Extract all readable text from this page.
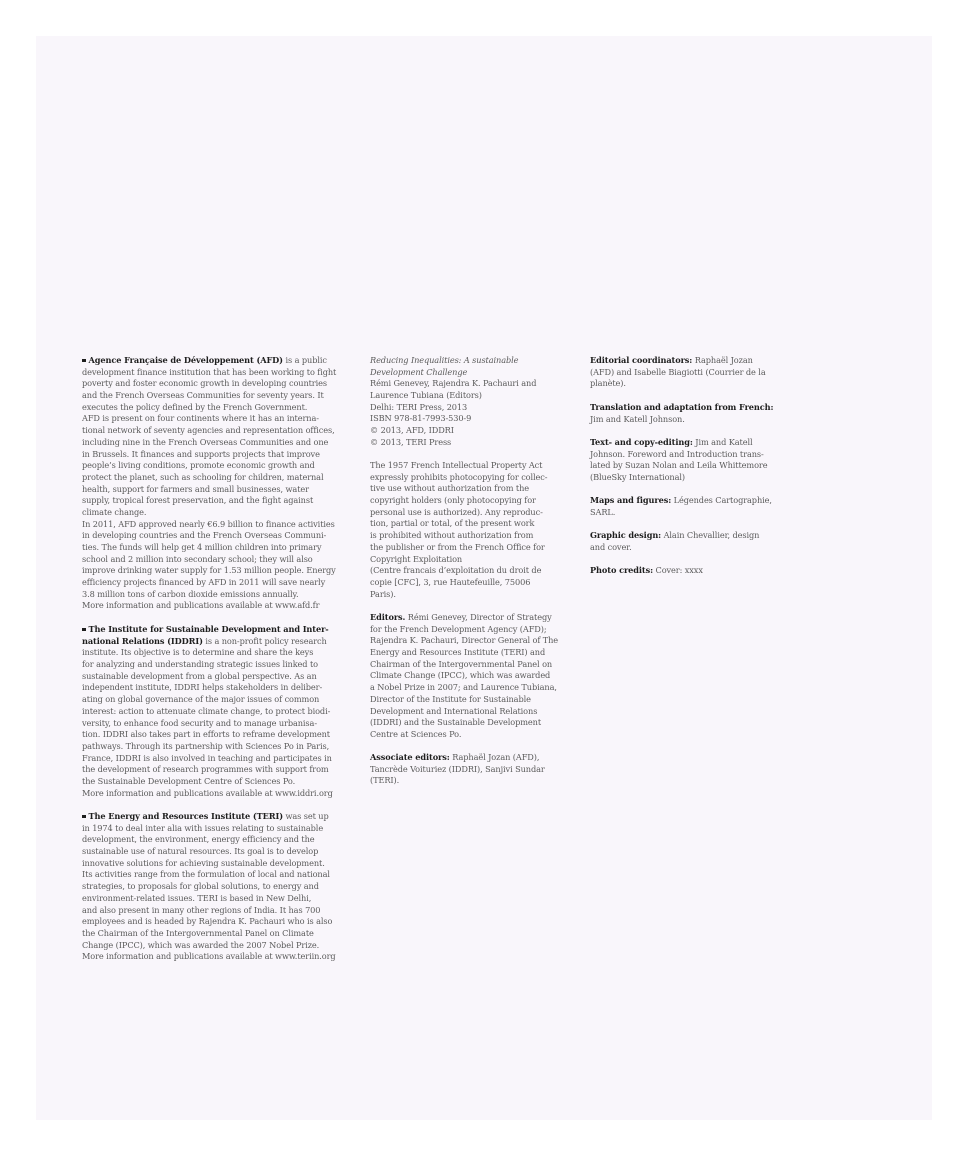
Agence Française de Développement (AFD) is a public
development finance institution that has been working to fight
poverty and foster economic growth in developing countries
and the French Overseas Communities for seventy years. It
executes the policy defined by the French Government.
AFD is present on four continents where it has an interna-
tional network of seventy agencies and representation offices,
including nine in the French Overseas Communities and one
in Brussels. It finances and supports projects that improve
people’s living conditions, promote economic growth and
protect the planet, such as schooling for children, maternal
health, support for farmers and small businesses, water
supply, tropical forest preservation, and the fight against
climate change.
In 2011, AFD approved nearly €6.9 billion to finance activities
in developing countries and the French Overseas Communi-
ties. The funds will help get 4 million children into primary
school and 2 million into secondary school; they will also
improve drinking water supply for 1.53 million people. Energy
efficiency projects financed by AFD in 2011 will save nearly
3.8 million tons of carbon dioxide emissions annually.
More information and publications available at www.afd.fr
The Institute for Sustainable Development and Inter-
national Relations (IDDRI) is a non-profit policy research
institute. Its objective is to determine and share the keys
for analyzing and understanding strategic issues linked to
sustainable development from a global perspective. As an
independent institute, IDDRI helps stakeholders in deliber-
ating on global governance of the major issues of common
interest: action to attenuate climate change, to protect biodi-
versity, to enhance food security and to manage urbanisa-
tion. IDDRI also takes part in efforts to reframe development
pathways. Through its partnership with Sciences Po in Paris,
France, IDDRI is also involved in teaching and participates in
the development of research programmes with support from
the Sustainable Development Centre of Sciences Po.
More information and publications available at www.iddri.org
The Energy and Resources Institute (TERI) was set up
in 1974 to deal inter alia with issues relating to sustainable
development, the environment, energy efficiency and the
sustainable use of natural resources. Its goal is to develop
innovative solutions for achieving sustainable development.
Its activities range from the formulation of local and national
strategies, to proposals for global solutions, to energy and
environment-related issues. TERI is based in New Delhi,
and also present in many other regions of India. It has 700
employees and is headed by Rajendra K. Pachauri who is also
the Chairman of the Intergovernmental Panel on Climate
Change (IPCC), which was awarded the 2007 Nobel Prize.
More information and publications available at www.teriin.org
Reducing Inequalities: A sustainable
Development Challenge
Rémi Genevey, Rajendra K. Pachauri and
Laurence Tubiana (Editors)
Delhi: TERI Press, 2013
ISBN 978-81-7993-530-9
© 2013, AFD, IDDRI
© 2013, TERI Press
The 1957 French Intellectual Property Act
expressly prohibits photocopying for collec-
tive use without authorization from the
copyright holders (only photocopying for
personal use is authorized). Any reproduc-
tion, partial or total, of the present work
is prohibited without authorization from
the publisher or from the French Office for
Copyright Exploitation
(Centre francais d’exploitation du droit de
copie [CFC], 3, rue Hautefeuille, 75006
Paris).
Editors. Rémi Genevey, Director of Strategy
for the French Development Agency (AFD);
Rajendra K. Pachauri, Director General of The
Energy and Resources Institute (TERI) and
Chairman of the Intergovernmental Panel on
Climate Change (IPCC), which was awarded
a Nobel Prize in 2007; and Laurence Tubiana,
Director of the Institute for Sustainable
Development and International Relations
(IDDRI) and the Sustainable Development
Centre at Sciences Po.
Associate editors: Raphaël Jozan (AFD),
Tancrède Voituriez (IDDRI), Sanjivi Sundar
(TERI).
Editorial coordinators: Raphaël Jozan
(AFD) and Isabelle Biagiotti (Courrier de la
planète).
Translation and adaptation from French:
Jim and Katell Johnson.
Text- and copy-editing: Jim and Katell
Johnson. Foreword and Introduction trans-
lated by Suzan Nolan and Leila Whittemore
(BlueSky International)
Maps and figures: Légendes Cartographie,
SARL.
Graphic design: Alain Chevallier, design
and cover.
Photo credits: Cover: xxxx
